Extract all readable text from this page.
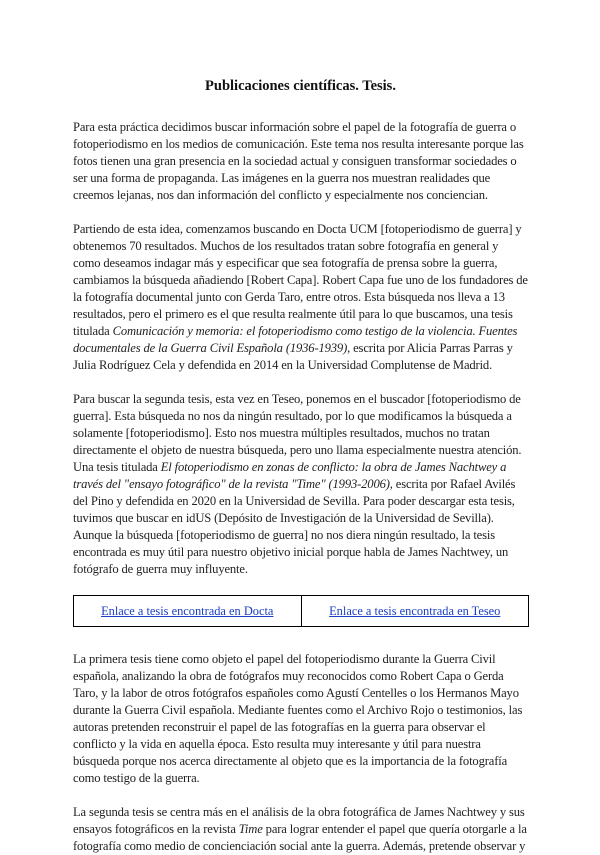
Publicaciones científicas. Tesis.

Para esta práctica decidimos buscar información sobre el papel de la fotografía de guerra o fotoperiodismo en los medios de comunicación. Este tema nos resulta interesante porque las fotos tienen una gran presencia en la sociedad actual y consiguen transformar sociedades o ser una forma de propaganda. Las imágenes en la guerra nos muestran realidades que creemos lejanas, nos dan información del conflicto y especialmente nos conciencian.

Partiendo de esta idea, comenzamos buscando en Docta UCM [fotoperiodismo de guerra] y obtenemos 70 resultados. Muchos de los resultados tratan sobre fotografía en general y como deseamos indagar más y especificar que sea fotografía de prensa sobre la guerra, cambiamos la búsqueda añadiendo [Robert Capa]. Robert Capa fue uno de los fundadores de la fotografía documental junto con Gerda Taro, entre otros. Esta búsqueda nos lleva a 13 resultados, pero el primero es el que resulta realmente útil para lo que buscamos, una tesis titulada Comunicación y memoria: el fotoperiodismo como testigo de la violencia. Fuentes documentales de la Guerra Civil Española (1936-1939), escrita por Alicia Parras Parras y Julia Rodríguez Cela y defendida en 2014 en la Universidad Complutense de Madrid.

Para buscar la segunda tesis, esta vez en Teseo, ponemos en el buscador [fotoperiodismo de guerra]. Esta búsqueda no nos da ningún resultado, por lo que modificamos la búsqueda a solamente [fotoperiodismo]. Esto nos muestra múltiples resultados, muchos no tratan directamente el objeto de nuestra búsqueda, pero uno llama especialmente nuestra atención. Una tesis titulada El fotoperiodismo en zonas de conflicto: la obra de James Nachtwey a través del "ensayo fotográfico" de la revista "Time" (1993-2006), escrita por Rafael Avilés del Pino y defendida en 2020 en la Universidad de Sevilla. Para poder descargar esta tesis, tuvimos que buscar en idUS (Depósito de Investigación de la Universidad de Sevilla). Aunque la búsqueda [fotoperiodismo de guerra] no nos diera ningún resultado, la tesis encontrada es muy útil para nuestro objetivo inicial porque habla de James Nachtwey, un fotógrafo de guerra muy influyente.

Enlace a tesis encontrada en Docta	Enlace a tesis encontrada en Teseo

La primera tesis tiene como objeto el papel del fotoperiodismo durante la Guerra Civil española, analizando la obra de fotógrafos muy reconocidos como Robert Capa o Gerda Taro, y la labor de otros fotógrafos españoles como Agustí Centelles o los Hermanos Mayo durante la Guerra Civil española. Mediante fuentes como el Archivo Rojo o testimonios, las autoras pretenden reconstruir el papel de las fotografías en la guerra para observar el conflicto y la vida en aquella época. Esto resulta muy interesante y útil para nuestra búsqueda porque nos acerca directamente al objeto que es la importancia de la fotografía como testigo de la guerra.

La segunda tesis se centra más en el análisis de la obra fotográfica de James Nachtwey y sus ensayos fotográficos en la revista Time para lograr entender el papel que quería otorgarle a la fotografía como medio de concienciación social ante la guerra. Además, pretende observar y
